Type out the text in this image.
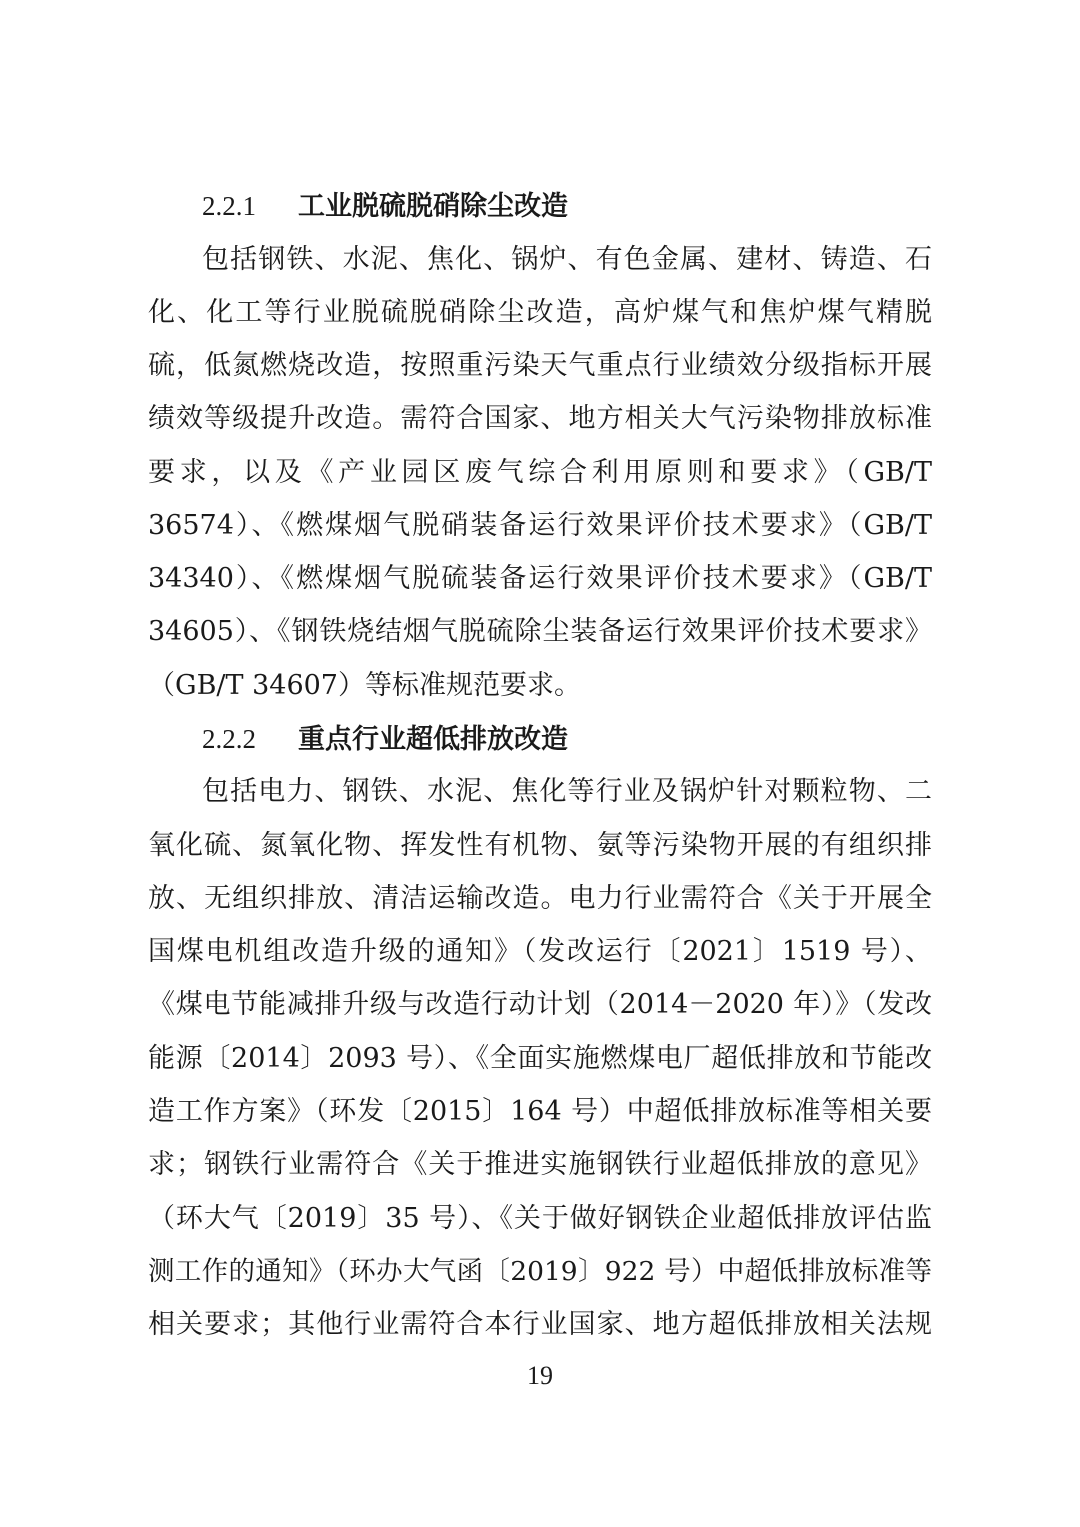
2.2.1 工业脱硫脱硝除尘改造
包括钢铁、水泥、焦化、锅炉、有色金属、建材、铸造、石
化、化工等行业脱硫脱硝除尘改造，高炉煤气和焦炉煤气精脱
硫，低氮燃烧改造，按照重污染天气重点行业绩效分级指标开展
绩效等级提升改造。需符合国家、地方相关大气污染物排放标准
要求，以及《产业园区废气综合利用原则和要求》（GB/T
36574）、《燃煤烟气脱硝装备运行效果评价技术要求》（GB/T
34340）、《燃煤烟气脱硫装备运行效果评价技术要求》（GB/T
34605）、《钢铁烧结烟气脱硫除尘装备运行效果评价技术要求》
（GB/T 34607）等标准规范要求。
2.2.2 重点行业超低排放改造
包括电力、钢铁、水泥、焦化等行业及锅炉针对颗粒物、二
氧化硫、氮氧化物、挥发性有机物、氨等污染物开展的有组织排
放、无组织排放、清洁运输改造。电力行业需符合《关于开展全
国煤电机组改造升级的通知》（发改运行〔2021〕1519 号）、
《煤电节能减排升级与改造行动计划（2014－2020 年）》（发改
能源〔2014〕2093 号）、《全面实施燃煤电厂超低排放和节能改
造工作方案》（环发〔2015〕164 号）中超低排放标准等相关要
求；钢铁行业需符合《关于推进实施钢铁行业超低排放的意见》
（环大气〔2019〕35 号）、《关于做好钢铁企业超低排放评估监
测工作的通知》（环办大气函〔2019〕922 号）中超低排放标准等
相关要求；其他行业需符合本行业国家、地方超低排放相关法规
19
